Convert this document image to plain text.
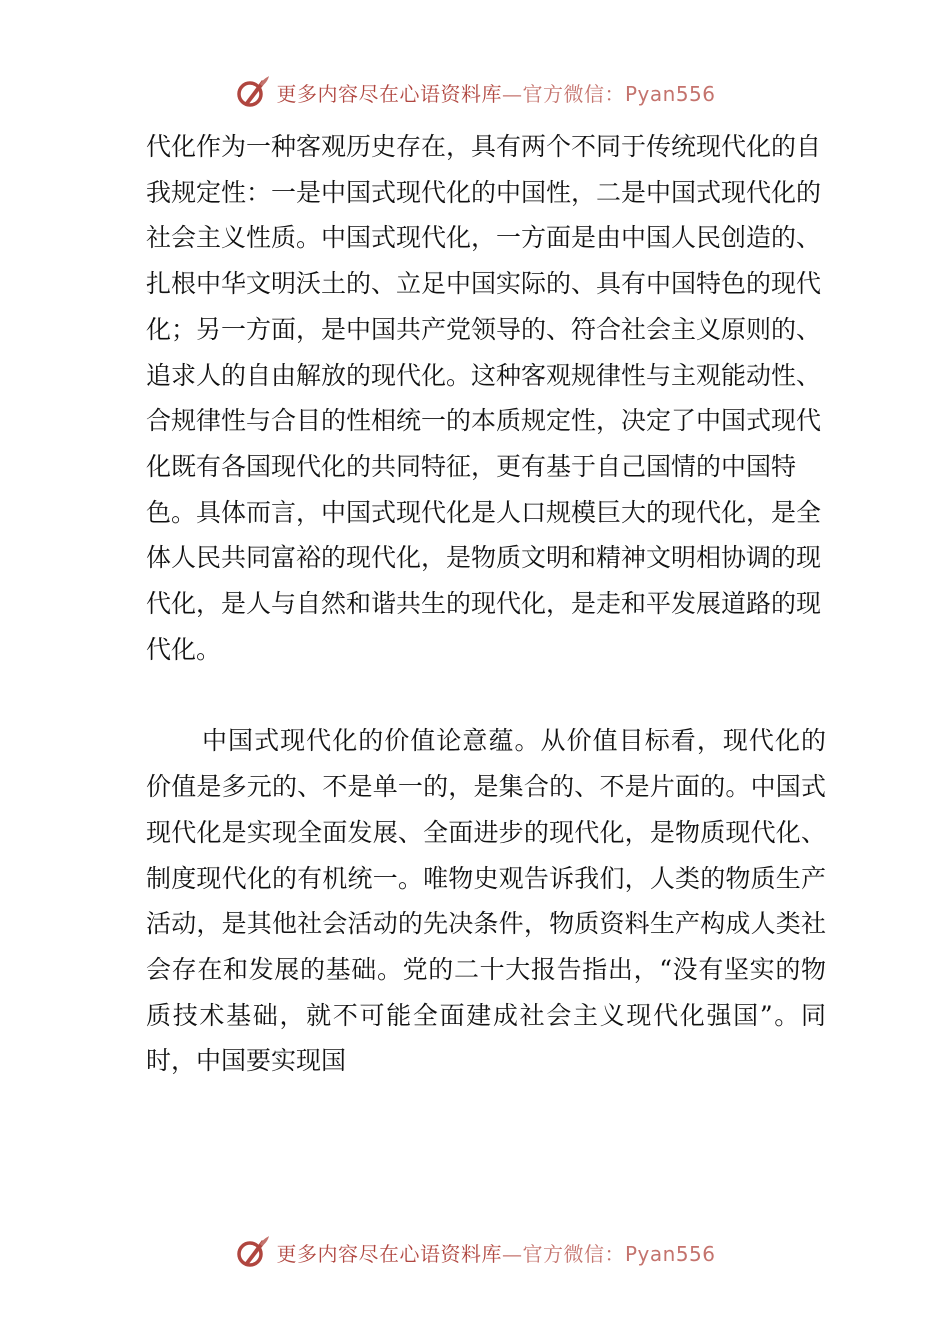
更多内容尽在心语资料库—官方微信：Pyan556

代化作为一种客观历史存在，具有两个不同于传统现代化的自我规定性：一是中国式现代化的中国性，二是中国式现代化的社会主义性质。中国式现代化，一方面是由中国人民创造的、扎根中华文明沃土的、立足中国实际的、具有中国特色的现代化；另一方面，是中国共产党领导的、符合社会主义原则的、追求人的自由解放的现代化。这种客观规律性与主观能动性、合规律性与合目的性相统一的本质规定性，决定了中国式现代化既有各国现代化的共同特征，更有基于自己国情的中国特色。具体而言，中国式现代化是人口规模巨大的现代化，是全体人民共同富裕的现代化，是物质文明和精神文明相协调的现代化，是人与自然和谐共生的现代化，是走和平发展道路的现代化。

中国式现代化的价值论意蕴。从价值目标看，现代化的价值是多元的、不是单一的，是集合的、不是片面的。中国式现代化是实现全面发展、全面进步的现代化，是物质现代化、制度现代化的有机统一。唯物史观告诉我们，人类的物质生产活动，是其他社会活动的先决条件，物质资料生产构成人类社会存在和发展的基础。党的二十大报告指出，“没有坚实的物质技术基础，就不可能全面建成社会主义现代化强国”。同时，中国要实现国

更多内容尽在心语资料库—官方微信：Pyan556
